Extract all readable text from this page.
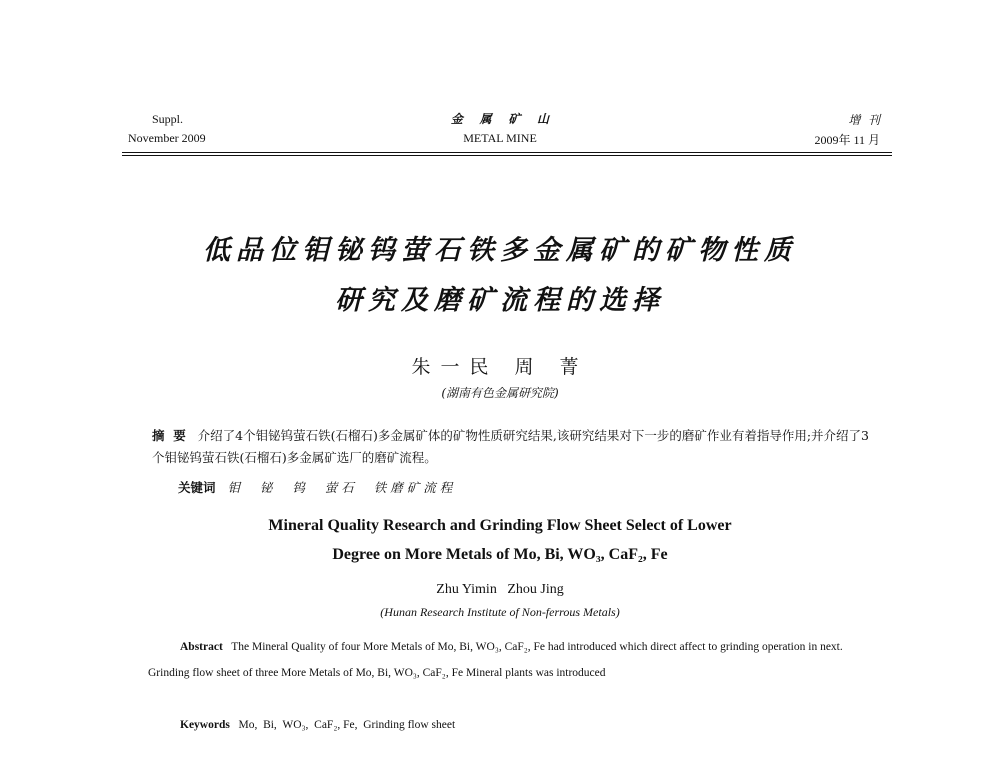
Suppl.
November 2009
金    属    矿    山
METAL MINE
增  刊
2009年 11 月
低品位钼铋钨萤石铁多金属矿的矿物性质
研究及磨矿流程的选择
朱一民 周 菁
(湖南有色金属研究院)
摘  要 介绍了4个钼铋钨萤石铁(石榴石)多金属矿体的矿物性质研究结果,该研究结果对下一步的磨矿作业有着指导作用;并介绍了3个钼铋钨萤石铁(石榴石)多金属矿选厂的磨矿流程。
关键词 钼  铋  钨  萤石  铁磨矿流程
Mineral Quality Research and Grinding Flow Sheet Select of Lower
Degree on More Metals of Mo, Bi, WO₃, CaF₂, Fe
Zhu Yimin   Zhou Jing
(Hunan Research Institute of Non-ferrous Metals)
Abstract The Mineral Quality of four More Metals of Mo, Bi, WO₃, CaF₂, Fe had introduced which direct affect to grinding operation in next. Grinding flow sheet of three More Metals of Mo, Bi, WO₃, CaF₂, Fe Mineral plants was introduced
Keywords Mo,  Bi,  WO₃,  CaF₂, Fe,  Grinding flow sheet
